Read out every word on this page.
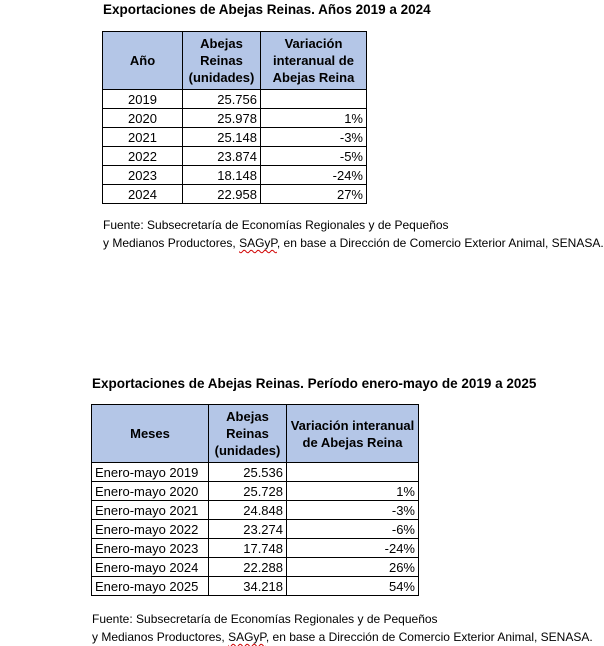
Exportaciones de Abejas Reinas. Años 2019 a 2024
Año	Abejas Reinas (unidades)	Variación interanual de Abejas Reina
2019	25.756	
2020	25.978	1%
2021	25.148	-3%
2022	23.874	-5%
2023	18.148	-24%
2024	22.958	27%
Fuente: Subsecretaría de Economías Regionales y de Pequeños
y Medianos Productores, SAGyP, en base a Dirección de Comercio Exterior Animal, SENASA.
Exportaciones de Abejas Reinas. Período enero-mayo de 2019 a 2025
Meses	Abejas Reinas (unidades)	Variación interanual de Abejas Reina
Enero-mayo 2019	25.536	
Enero-mayo 2020	25.728	1%
Enero-mayo 2021	24.848	-3%
Enero-mayo 2022	23.274	-6%
Enero-mayo 2023	17.748	-24%
Enero-mayo 2024	22.288	26%
Enero-mayo 2025	34.218	54%
Fuente: Subsecretaría de Economías Regionales y de Pequeños
y Medianos Productores, SAGyP, en base a Dirección de Comercio Exterior Animal, SENASA.
